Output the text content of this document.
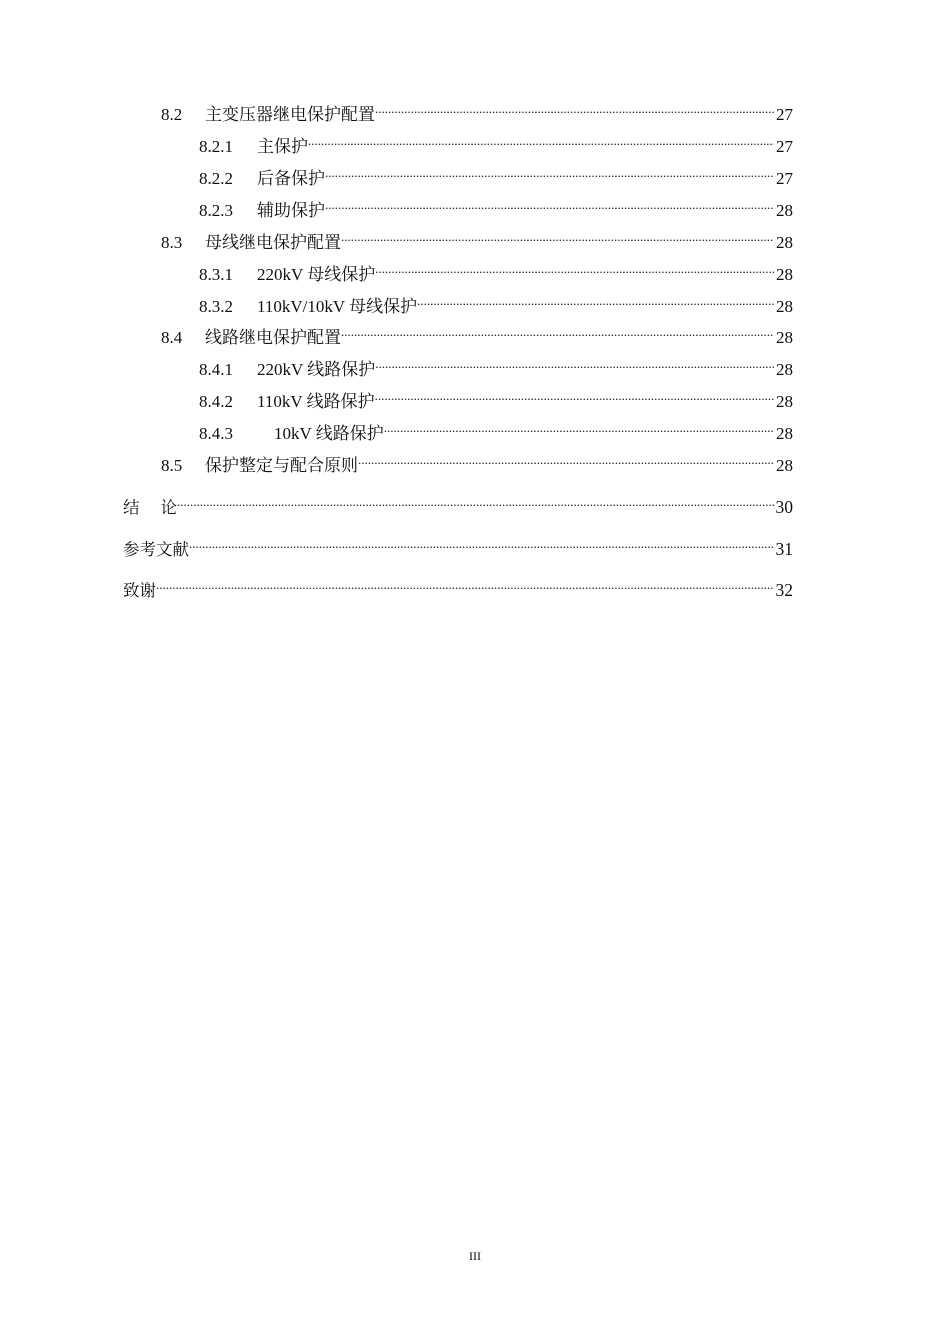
8.2	主变压器继电保护配置 .....	27
8.2.1	主保护 .....	27
8.2.2	后备保护 .....	27
8.2.3	辅助保护 .....	28
8.3	母线继电保护配置 .....	28
8.3.1	220kV 母线保护 .....	28
8.3.2	110kV/10kV 母线保护 .....	28
8.4	线路继电保护配置 .....	28
8.4.1	220kV 线路保护 .....	28
8.4.2	110kV 线路保护 .....	28
8.4.3	10kV 线路保护 .....	28
8.5	保护整定与配合原则 .....	28
结    论 .....	30
参考文献 .....	31
致谢 .....	32
III
